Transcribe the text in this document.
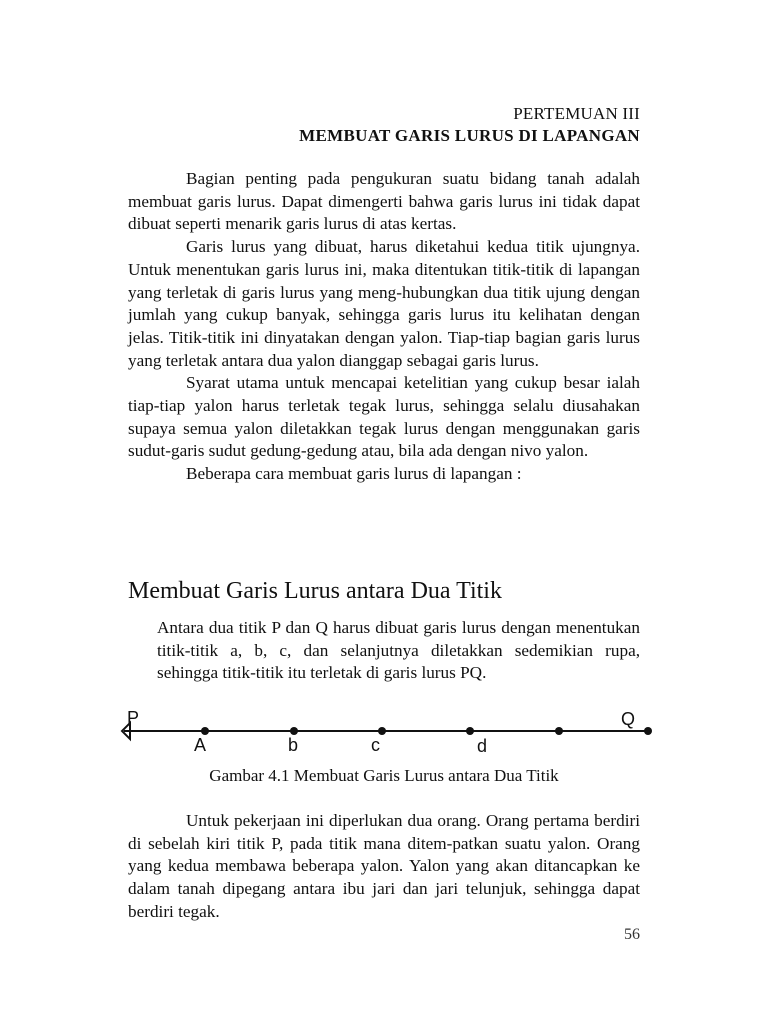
PERTEMUAN III
MEMBUAT GARIS LURUS DI LAPANGAN

Bagian penting pada pengukuran suatu bidang tanah adalah membuat garis lurus. Dapat dimengerti bahwa garis lurus ini tidak dapat dibuat seperti menarik garis lurus di atas kertas.

Garis lurus yang dibuat, harus diketahui kedua titik ujungnya. Untuk menentukan garis lurus ini, maka ditentukan titik-titik di lapangan yang terletak di garis lurus yang meng-hubungkan dua titik ujung dengan jumlah yang cukup banyak, sehingga garis lurus itu kelihatan dengan jelas. Titik-titik ini dinyatakan dengan yalon. Tiap-tiap bagian garis lurus yang terletak antara dua yalon dianggap sebagai garis lurus.

Syarat utama untuk mencapai ketelitian yang cukup besar ialah tiap-tiap yalon harus terletak tegak lurus, sehingga selalu diusahakan supaya semua yalon diletakkan tegak lurus dengan menggunakan garis sudut-garis sudut gedung-gedung atau, bila ada dengan nivo yalon.

Beberapa cara membuat garis lurus di lapangan :

Membuat Garis Lurus antara Dua Titik

Antara dua titik P dan Q harus dibuat garis lurus dengan menentukan titik-titik a, b, c, dan selanjutnya diletakkan sedemikian rupa, sehingga titik-titik itu terletak di garis lurus PQ.

P	Q
A	b	c	d
Gambar 4.1 Membuat Garis Lurus antara Dua Titik

Untuk pekerjaan ini diperlukan dua orang. Orang pertama berdiri di sebelah kiri titik P, pada titik mana ditem-patkan suatu yalon. Orang yang kedua membawa beberapa yalon. Yalon yang akan ditancapkan ke dalam tanah dipegang antara ibu jari dan jari telunjuk, sehingga dapat berdiri tegak.

56
